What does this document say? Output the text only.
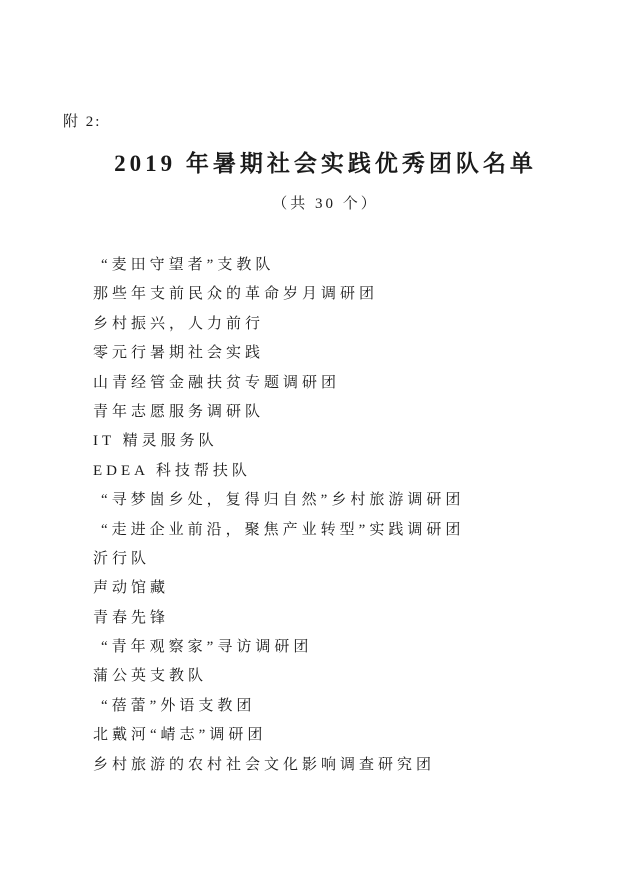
附 2:
2019 年暑期社会实践优秀团队名单
（共 30 个）
“麦田守望者”支教队
那些年支前民众的革命岁月调研团
乡村振兴，人力前行
零元行暑期社会实践
山青经管金融扶贫专题调研团
青年志愿服务调研队
IT 精灵服务队
EDEA 科技帮扶队
“寻梦崮乡处，复得归自然”乡村旅游调研团
“走进企业前沿，聚焦产业转型”实践调研团
沂行队
声动馆藏
青春先锋
“青年观察家”寻访调研团
蒲公英支教队
“蓓蕾”外语支教团
北戴河“崝志”调研团
乡村旅游的农村社会文化影响调查研究团
